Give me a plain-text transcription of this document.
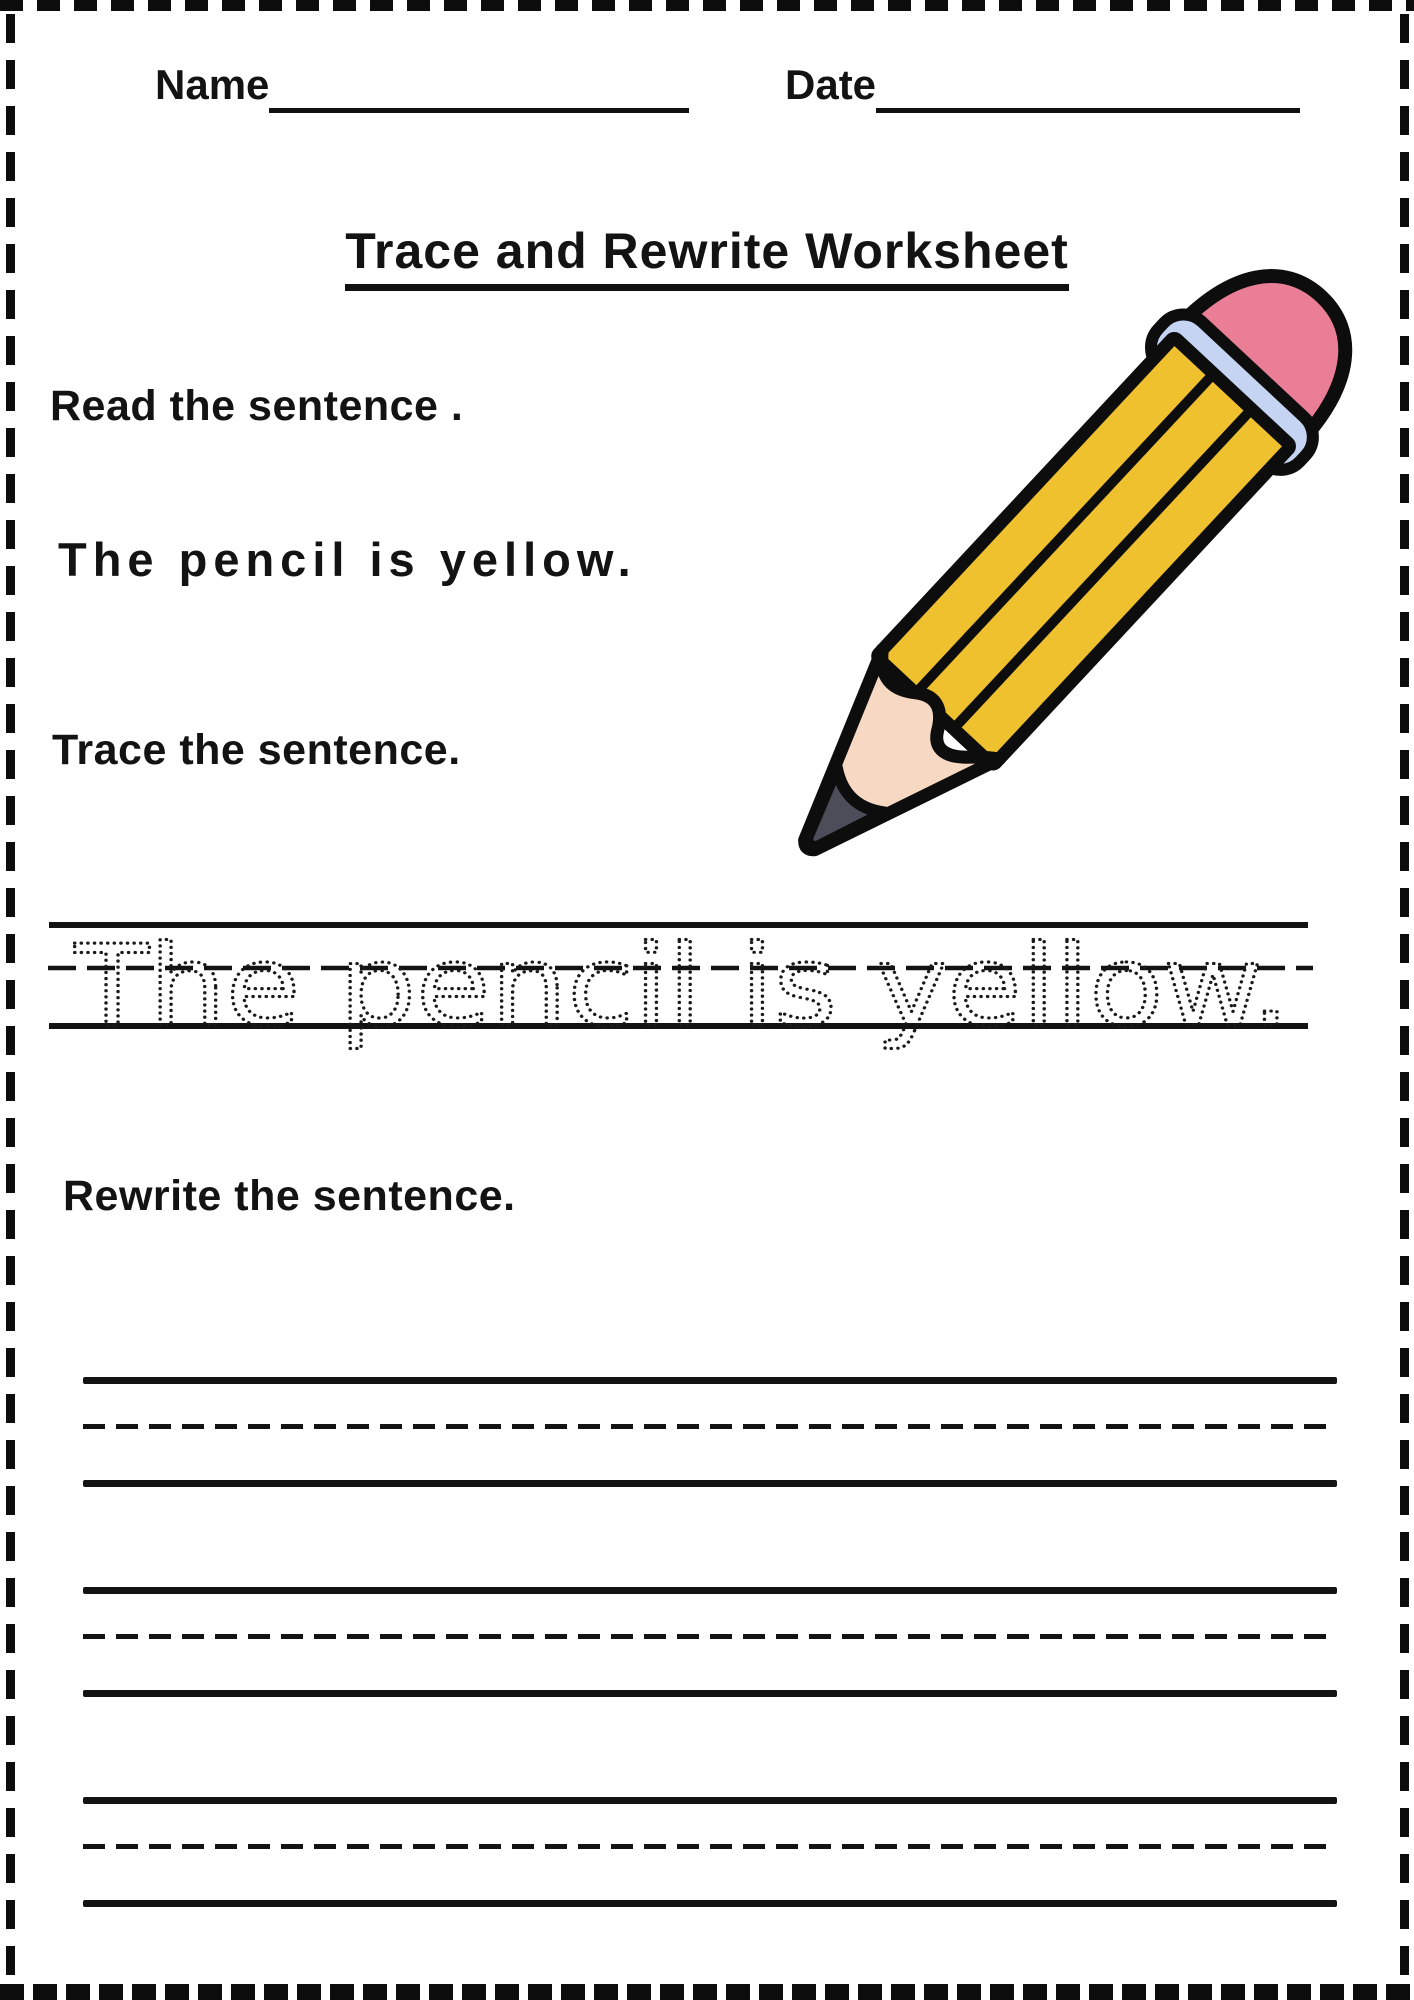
Name	Date
Trace and Rewrite Worksheet
Read the sentence .
The pencil is yellow.
Trace the sentence.
The pencil is yellow.
Rewrite the sentence.
